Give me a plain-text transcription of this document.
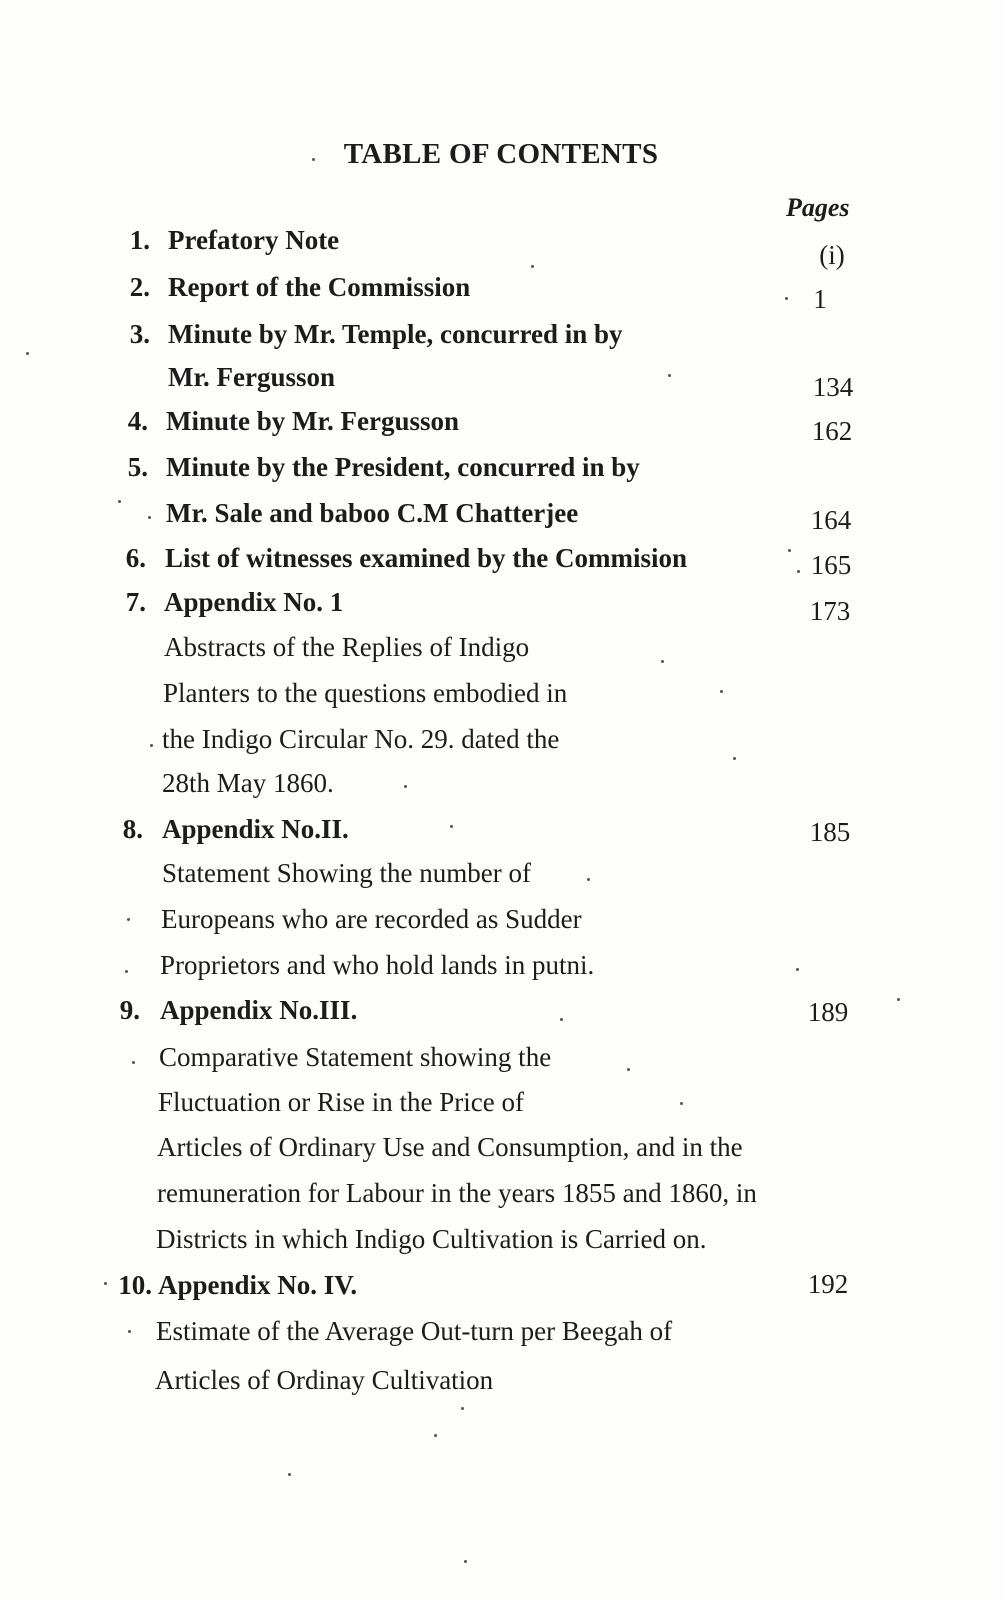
TABLE OF CONTENTS
Pages
1. Prefatory Note	(i)
2. Report of the Commission	1
3. Minute by Mr. Temple, concurred in by
Mr. Fergusson	134
4. Minute by Mr. Fergusson	162
5. Minute by the President, concurred in by
Mr. Sale and baboo C.M Chatterjee	164
6. List of witnesses examined by the Commision	165
7. Appendix No. 1	173
Abstracts of the Replies of Indigo
Planters to the questions embodied in
the Indigo Circular No. 29. dated the
28th May 1860.
8. Appendix No.II.	185
Statement Showing the number of
Europeans who are recorded as Sudder
Proprietors and who hold lands in putni.
9. Appendix No.III.	189
Comparative Statement showing the
Fluctuation or Rise in the Price of
Articles of Ordinary Use and Consumption, and in the
remuneration for Labour in the years 1855 and 1860, in
Districts in which Indigo Cultivation is Carried on.
10. Appendix No. IV.	192
Estimate of the Average Out-turn per Beegah of
Articles of Ordinay Cultivation
